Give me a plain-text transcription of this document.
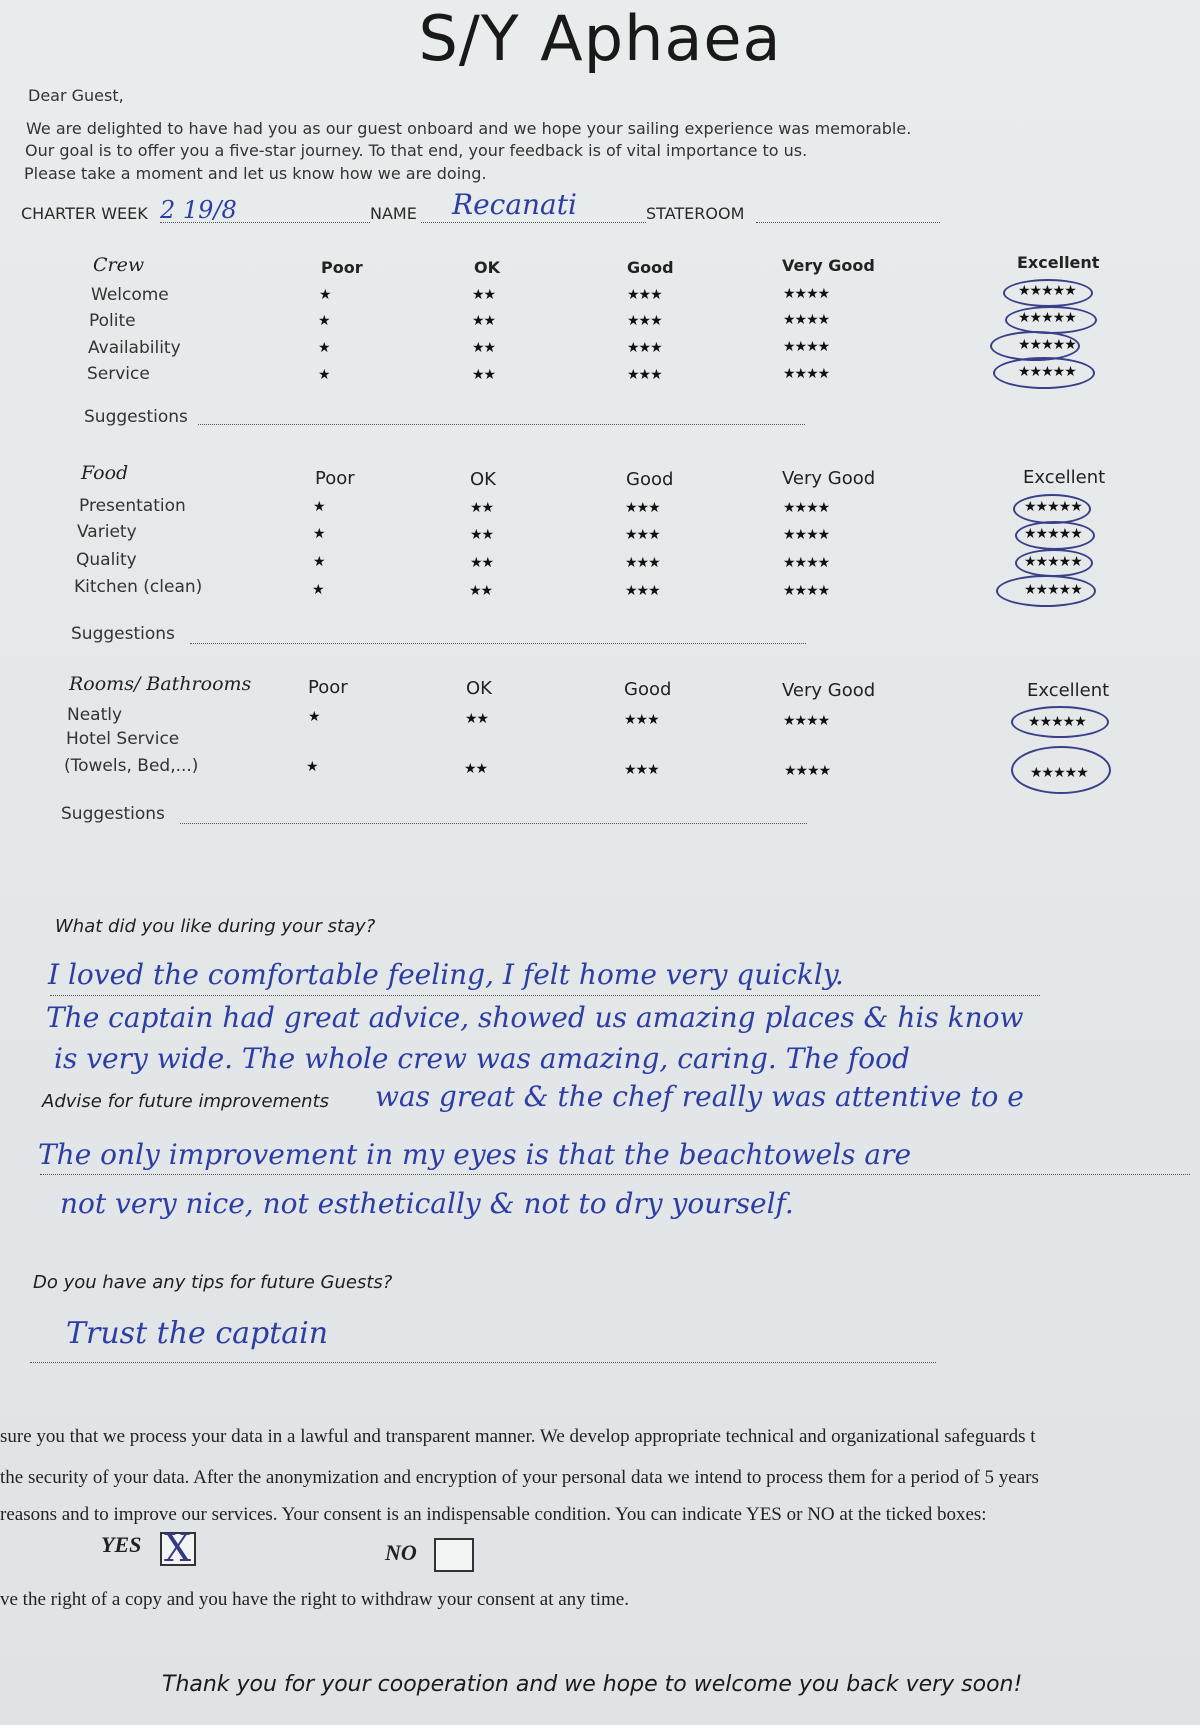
S/Y Aphaea
Dear Guest,
We are delighted to have had you as our guest onboard and we hope your sailing experience was memorable.
Our goal is to offer you a five-star journey. To that end, your feedback is of vital importance to us.
Please take a moment and let us know how we are doing.
CHARTER WEEK 2 19/8	NAME Recanati	STATEROOM
Crew	Poor	OK	Good	Very Good	Excellent
Welcome	★	★★	★★★	★★★★	★★★★★
Polite	★	★★	★★★	★★★★	★★★★★
Availability	★	★★	★★★	★★★★	★★★★★
Service	★	★★	★★★	★★★★	★★★★★
Suggestions
Food	Poor	OK	Good	Very Good	Excellent
Presentation	★	★★	★★★	★★★★	★★★★★
Variety	★	★★	★★★	★★★★	★★★★★
Quality	★	★★	★★★	★★★★	★★★★★
Kitchen (clean)	★	★★	★★★	★★★★	★★★★★
Suggestions
Rooms/ Bathrooms	Poor	OK	Good	Very Good	Excellent
Neatly	★	★★	★★★	★★★★	★★★★★
Hotel Service
(Towels, Bed,...)	★	★★	★★★	★★★★	★★★★★
Suggestions
What did you like during your stay?
I loved the comfortable feeling, I felt home very quickly.
The captain had great advice, showed us amazing places & his know
is very wide. The whole crew was amazing, caring. The food
was great & the chef really was attentive to e
Advise for future improvements
The only improvement in my eyes is that the beachtowels are
not very nice, not esthetically & not to dry yourself.
Do you have any tips for future Guests?
Trust the captain
sure you that we process your data in a lawful and transparent manner. We develop appropriate technical and organizational safeguards t
the security of your data. After the anonymization and encryption of your personal data we intend to process them for a period of 5 years
reasons and to improve our services. Your consent is an indispensable condition. You can indicate YES or NO at the ticked boxes:
YES X	NO
ve the right of a copy and you have the right to withdraw your consent at any time.
Thank you for your cooperation and we hope to welcome you back very soon!
